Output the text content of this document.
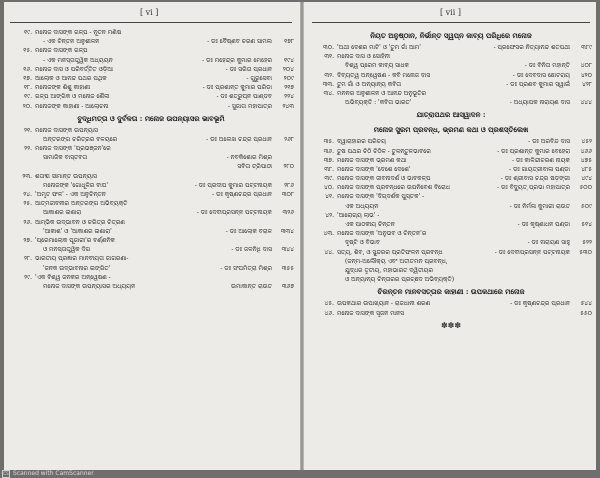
[ vi ]
୧୯. ମନୋଜ ଦାସଙ୍କ ଗଳ୍ପ - ନୂତନ ମଣିଷ
- ଏକ ଚିନ୍ତନ ଅନୁଶୀଳନ	- ଡଃ ବୈଷ୍ଣବ ଚରଣ ସାମଲ	୧୭୮
୧୫. ମନୋଜ ଦାସଙ୍କ ଗଳ୍ପ
- ଏକ ମନସ୍ତାତ୍ତ୍ୱିକ ଅଧ୍ୟୟନ	- ଡଃ ମହେନ୍ଦ୍ର କୁମାର ମେହେର	୧୯୪
୧୬. ମନୋଜ ଦାସ ଓ ପରିବର୍ତ୍ତିତ ଓଡ଼ିଆ	- ଡଃ ସରିତା ପ୍ରଧାନ	୨୦୪
୧୭. ଆଲୋକ ଓ ଆନନ୍ଦ ପଥର ପଥିକ	- ଗୁରୁସେବା	୨୦୯
୧୮. ମନୋଜଙ୍କ ଶିଶୁ କାହାଣୀ	- ଡଃ ପ୍ରଶାନ୍ତ କୁମାର ପରିଡ଼ା	୨୧୭
୧୯. ଗଳ୍ପ ଆଙ୍ଗିକ ଓ ମନୋଜ ଶୈଳୀ	- ଡଃ ଶତ୍ରୁଘ୍ନ ପାଣ୍ଡବ	୨୨୪
୨୦. ମନୋଜଙ୍କ କାହାଣୀ - ଆଲୋଚନା	- ସୁଜାତା ମହାପାତ୍ର	୨୪୩
ବୁଦ୍ଧିମତ୍ତା ଓ ଦୁର୍ବଳତା : ମନୋଜ ଉପନ୍ୟାସର ଭାବଭୂମି
୨୧. ମନୋଜ ଦାସଙ୍କ ଉପନ୍ୟାସ
ଅନ୍ତରଙ୍ଗ ଚରିତ୍ରର ବଳୟରେ	- ଡଃ ଅଲେଖ ଚନ୍ଦ୍ର ପ୍ରଧାନ	୨୬୮
୨୨. ମନୋଜ ଦାସଙ୍କ 'ପ୍ରଭଞ୍ଜନ'ରେ
ସାମାଜିକ ବାସ୍ତବତା	- ନବକିଶୋର ମିଶ୍ର
ସବିତା ତ୍ରିପାଠୀ	୨୮୦
୨୩. ଶତାବ୍ଦୀ ସୀମାନ୍ତ ଉପନ୍ୟାସ
ମନୋଜଙ୍କ 'ଗୋଧୂଳିର ବାଘ'	- ଡଃ ପ୍ରଦୀପ କୁମାର ପଟ୍ଟନାୟକ	୨୮୬
୨୪. 'ଅମୃତ ଫଳ' - ଏକ ଅନୁଚିନ୍ତନ	- ଡଃ କୃଷ୍ଣଚନ୍ଦ୍ର ପ୍ରଧାନ	୩୦୮
୨୫. ଆତ୍ମଜୀବନୀର ଅନ୍ତରଙ୍ଗ ଅଭିବ୍ୟକ୍ତି
ଆକାଶର ଇଶାରା	- ଡଃ ଦେବୀପ୍ରସନ୍ନ ପଟ୍ଟନାୟକ	୩୨୬
୨୬. ଆମ୍ଭିକ ଉଦ୍ଭାବନ ଓ ଚରିତ୍ର ଚିତ୍ରଣ
'ଆକାଶ' ଓ 'ଆକାଶର ଇଶାରା'	- ଡଃ ଆଲୋକ ବରାଳ	୩୩୪
୨୭. 'ପ୍ରେମାଲୋକ ପୂଜାରୀ'ର ବର୍ଣ୍ଣନିକ
ଓ ମନସ୍ତାତ୍ତ୍ୱିକ ଦିଗ	- ଡଃ ଜଳନିଧି ଦାସ	୩୪୪
୨୮. ଭାରତୀୟ ପ୍ରଜ୍ଞାର ମାନବୀୟତା ଜାଗରଣା-
'ଜନକ ଉଦ୍ଭାବନାର ଇଙ୍ଗିତ'	- ଡଃ ସଂଘମିତ୍ରା ମିଶ୍ର	୩୫୫
୨୯. 'ଏକ ବିଶ୍ୱ ଜନକର ଅନ୍ୱେଷଣ -
ମନୋଜ ଦାସଙ୍କ ଉପନ୍ୟାସର ଅଧ୍ୟୟନ	ଉମାକାନ୍ତ ରାଉତ	୩୬୭
[ vii ]
ନିୟତ ଅନୁଷ୍ଠାନ, ନିର୍ଭାନ୍ତ ସ୍ୱପ୍ନ କାବ୍ୟ ପରିଧିରେ ମନୋଜ
୩୦. 'ଅଥୀ ଦେଶର ମାଟି' ଓ 'ତୁମ ଗାଁ ଆମ'	- ପ୍ରଫେସର ନିତ୍ୟାନନ୍ଦ ଶତପଥୀ	୩୮୯
୩୧. ମନୋଜ ଦାସ ଓ ସୋହିନୀ
ବିଶ୍ୱ ପ୍ରେମ କାବ୍ୟ ସାଧକ	- ଡଃ ବିନିତା ମହାନ୍ତି	୪୦୮
୩୨. ଦିବ୍ୟତ୍ୱ ଅନ୍ୱେଷଣ - କବି ମନୋଜ ଦାସ	- ଡଃ ଦେବଦାସ ଛୋଟରାୟ	୪୨୦
୩୩. ତୁମ ଗାଁ ଓ ଅନ୍ୟାନ୍ୟ କବିତା	- ଡଃ ପ୍ରଣବ କୁମାର ସ୍ୱାଇଁ	୪୨୮
୩୪. ମନନର ଅନୁଶୀଳନ ଓ ଆନନ୍ଦ ଅନୁଭୂତିର
ଅଭିବ୍ୟକ୍ତି : 'କବିତା ଭାରତ'	- ଅଧ୍ୟାପକ ନାରାୟଣ ଦାସ	୪୪୪
ଯାତ୍ରାପଥର ଆସ୍ୱାଦନ :
ମନୋଜ ସୁରମ ପ୍ରବନ୍ଧ, ଭ୍ରମଣ କଥା ଓ ପ୍ରଶସ୍ତିଲେଖ
୩୫. ଦ୍ୱାରାହାରର ପରିଚୟ	- ଡଃ ଅରବିନ୍ଦ ଦାସ	୪୫୨
୩୬. ତୁଷ ପଥର ଚିଠି ଚିଠିଳ - ତୁଳନ୍ତୁଳଭାବରେ	- ଡଃ ପ୍ରଶାନ୍ତ କୁମାର ବେହେରା	୪୬୬
୩୭. ମନୋଜ ଦାସଙ୍କ ଭ୍ରମଣ କଥା	- ଡଃ କାଳିନ୍ଦୀଚରଣ ନାୟକ	୪୭୫
୩୮. ମନୋଜ ଦାସଙ୍କ 'ଦେଶେ ଦେଶେ'	- ଡଃ ଗାୟତ୍ରୀବାଳା ପଣ୍ଡା	୪୮୫
୩୯. ମନୋଜ ଦାସଙ୍କ ଜୀବନାଦର୍ଶ ଓ ଭାବକଳ୍ପ	- ଡଃ ଶ୍ରୀବାସ ଚନ୍ଦ୍ର ଷଡ଼ଙ୍ଗୀ	୪୯୪
୪୦. ମନୋଜ ଦାସଙ୍କ ପ୍ରବନ୍ଧରେ ଉପନିବେଶ ବିରୋଧ	- ଡଃ ବିଦ୍ୟୁତ୍ ପ୍ରଭା ମହାପାତ୍ର	୫୦୦
୪୧. ମନୋଜ ଦାସଙ୍କ 'ଦିଗ୍‌ଦର୍ଶକ ପୁସ୍ତକ' -
ଏକ ଅଧ୍ୟୟନ	- ଡଃ ନିର୍ମଳା କୁମାରୀ ରାଉତ	୫୦୯
୪୨. 'ଆରୋଗ୍ୟ ଲାଭ' -
ଏକ ପାଠକୀୟ ଚିନ୍ତନ	- ଡଃ କୃଷ୍ଣାଧନ ପଣ୍ଡା	୫୧୪
୪୩. ମନୋଜ ଦାସଙ୍କ 'ଅନୁଭବ ଓ ଚିନ୍ତନ'ର
ଦୃଷ୍ଟି ଓ ବିଭାବ	- ଡଃ ନାରାୟଣ ସାହୁ	୫୨୨
୪୪. ସତ୍ୟ, ଶିବ, ଓ ସୁନ୍ଦରର ପ୍ରତିଫଳନ ପ୍ରବନ୍ଧ	- ଡଃ ଦେବୀପ୍ରସନ୍ନ ପଟ୍ଟନାୟକ	୫୩୦
(ଜନ୍ମ-ଅଲୌକ୍ୟ ଏବଂ ଅତୀତମନ ପ୍ରବନ୍ଧ,
ଯୁଦ୍ଧର ତୃତୀୟ, ମହାଭାରତ ଦ୍ୱିତୀୟର
ଓ ଅନ୍ୟାନ୍ୟ ଚିନ୍ତାରର ପ୍ରଚ୍ଛଦ ଅଭିବ୍ୟକ୍ତି)
ଚିରନ୍ତନ ମାନବସତ୍ତାର କାହାଣୀ : ଉପକଥାରେ ମନୋଜ
୪୫. ଉପକଥାର ଉପାଖ୍ୟାନ - ରାଜଧାନୀ ଶରଣ	- ଡଃ କୃଷ୍ଣଚନ୍ଦ୍ର ପ୍ରଧାନ	୫୪୪
୪୬. ମନୋଜ ଦାସଙ୍କ ସୃଜନ ମାନସ	୫୫୦
✽✽✽
CS Scanned with CamScanner
